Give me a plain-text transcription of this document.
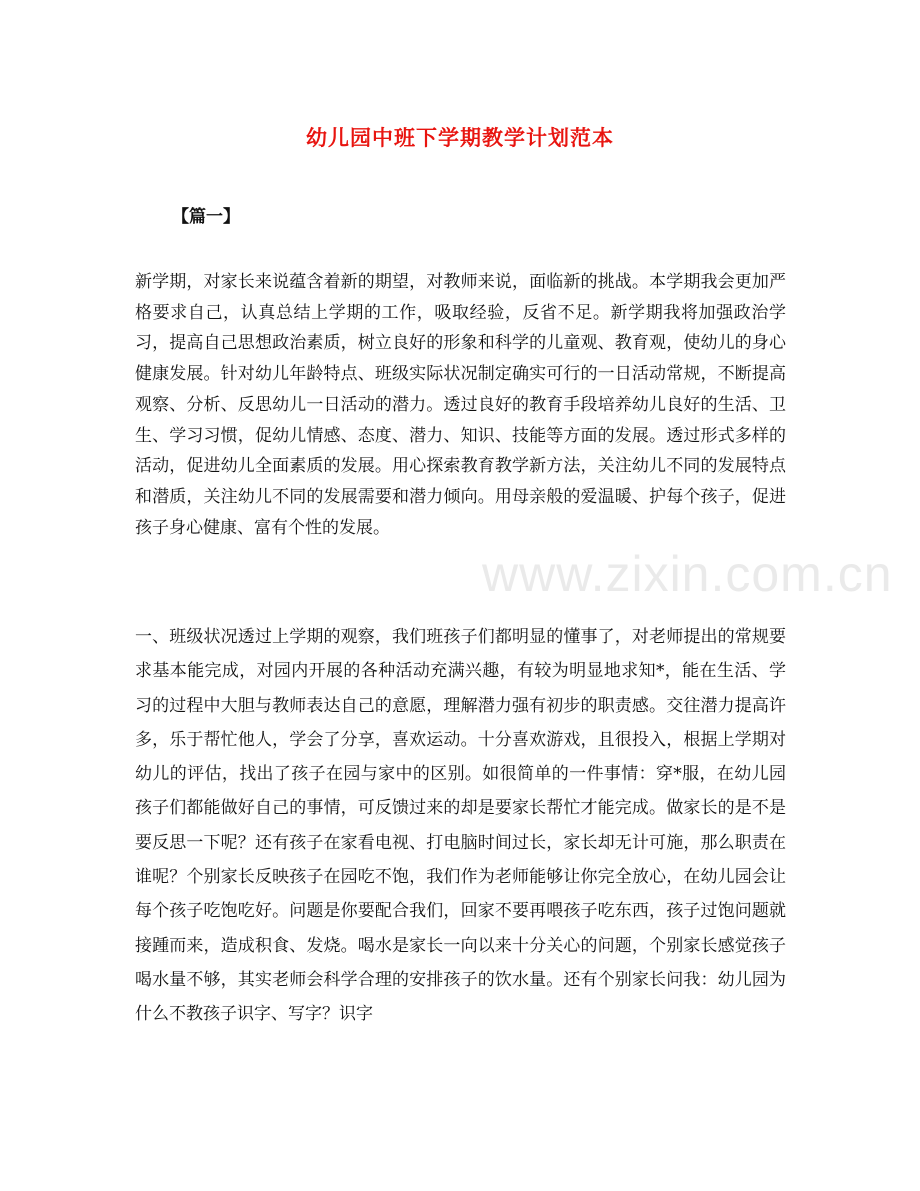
幼儿园中班下学期教学计划范本
【篇一】
新学期，对家长来说蕴含着新的期望，对教师来说，面临新的挑战。本学期我会更加严格要求自己，认真总结上学期的工作，吸取经验，反省不足。新学期我将加强政治学习，提高自己思想政治素质，树立良好的形象和科学的儿童观、教育观，使幼儿的身心健康发展。针对幼儿年龄特点、班级实际状况制定确实可行的一日活动常规，不断提高观察、分析、反思幼儿一日活动的潜力。透过良好的教育手段培养幼儿良好的生活、卫生、学习习惯，促幼儿情感、态度、潜力、知识、技能等方面的发展。透过形式多样的活动，促进幼儿全面素质的发展。用心探索教育教学新方法，关注幼儿不同的发展特点和潜质，关注幼儿不同的发展需要和潜力倾向。用母亲般的爱温暖、护每个孩子，促进孩子身心健康、富有个性的发展。
一、班级状况透过上学期的观察，我们班孩子们都明显的懂事了，对老师提出的常规要求基本能完成，对园内开展的各种活动充满兴趣，有较为明显地求知*，能在生活、学习的过程中大胆与教师表达自己的意愿，理解潜力强有初步的职责感。交往潜力提高许多，乐于帮忙他人，学会了分享，喜欢运动。十分喜欢游戏，且很投入，根据上学期对幼儿的评估，找出了孩子在园与家中的区别。如很简单的一件事情：穿*服，在幼儿园孩子们都能做好自己的事情，可反馈过来的却是要家长帮忙才能完成。做家长的是不是要反思一下呢？还有孩子在家看电视、打电脑时间过长，家长却无计可施，那么职责在谁呢？个别家长反映孩子在园吃不饱，我们作为老师能够让你完全放心，在幼儿园会让每个孩子吃饱吃好。问题是你要配合我们，回家不要再喂孩子吃东西，孩子过饱问题就接踵而来，造成积食、发烧。喝水是家长一向以来十分关心的问题，个别家长感觉孩子喝水量不够，其实老师会科学合理的安排孩子的饮水量。还有个别家长问我：幼儿园为什么不教孩子识字、写字？识字
www.zixin.com.cn
